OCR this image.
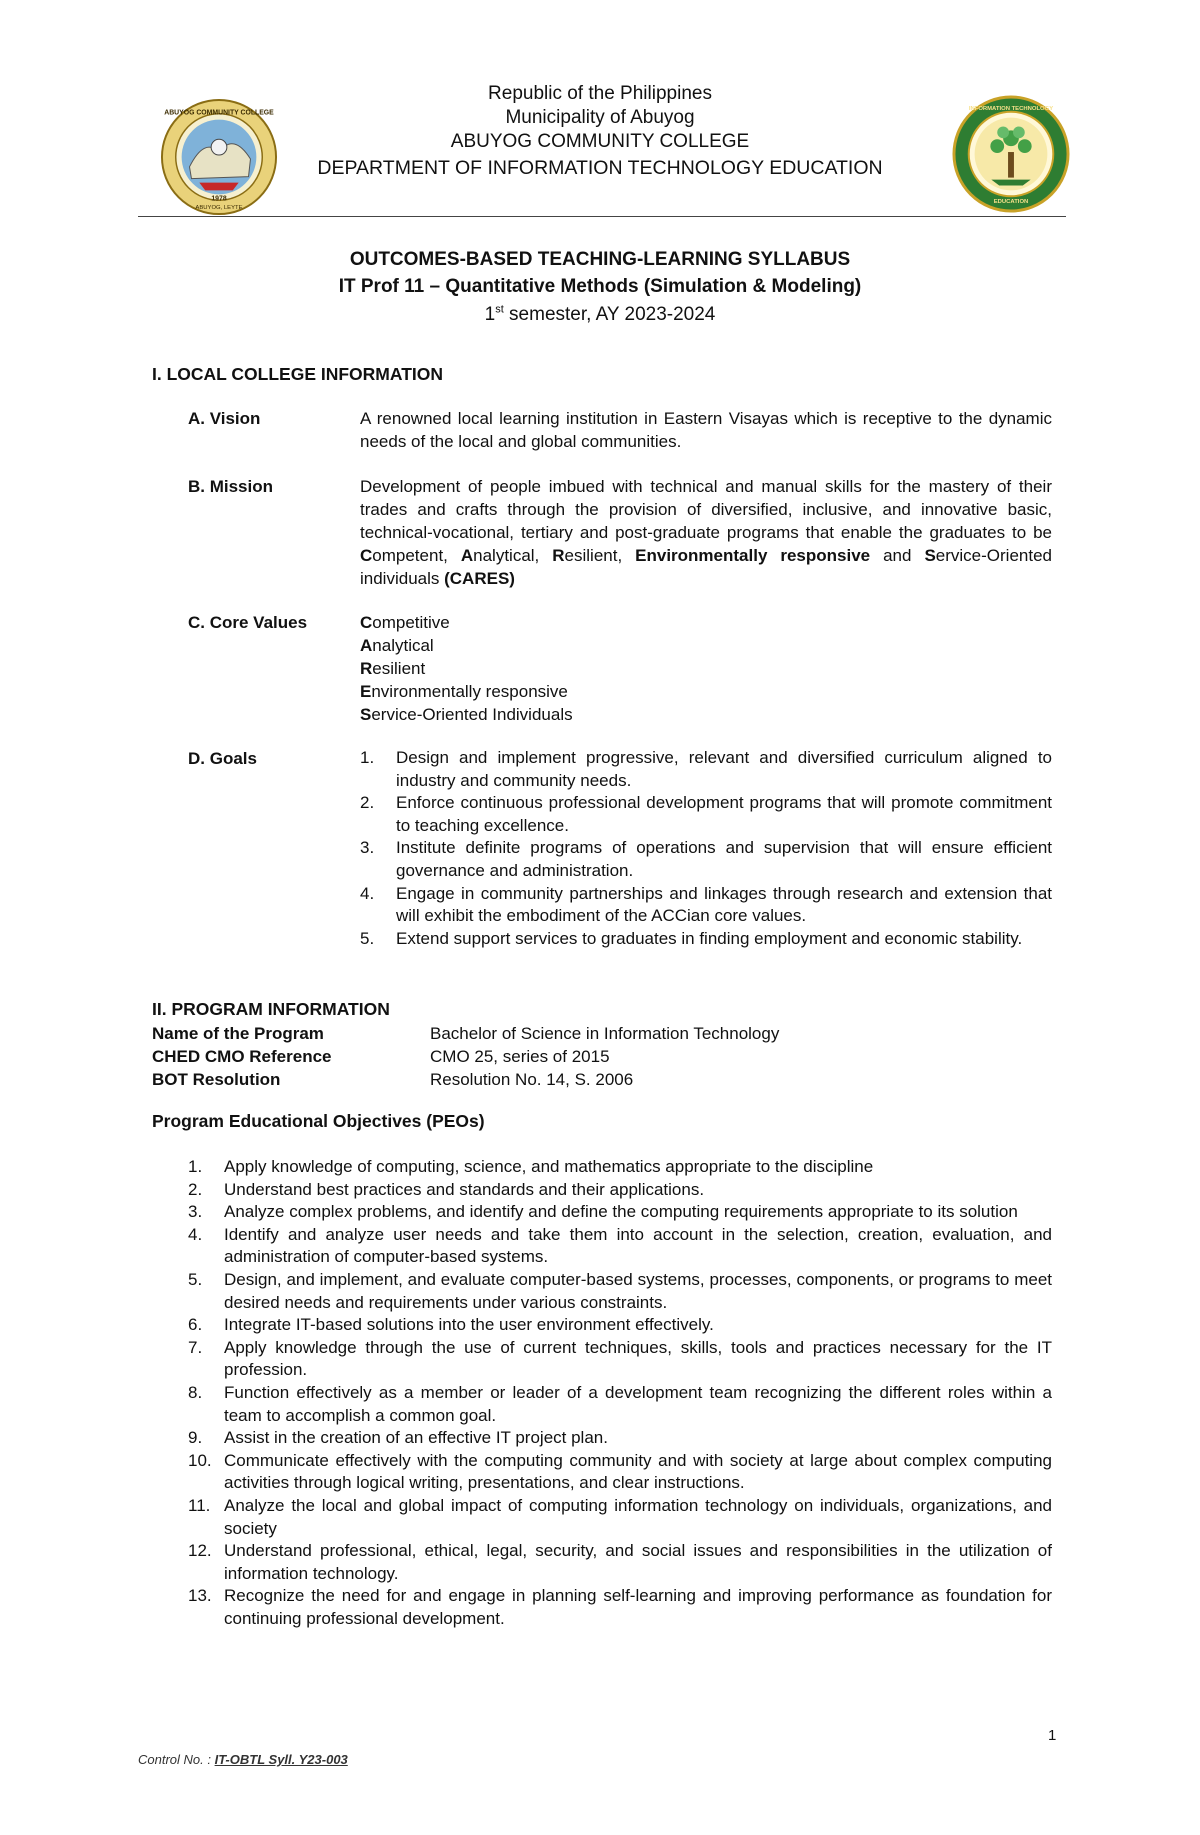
ABUYOG COMMUNITY COLLEGE
1978
ABUYOG, LEYTE
INFORMATION TECHNOLOGY
EDUCATION
Republic of the Philippines
Municipality of Abuyog
ABUYOG COMMUNITY COLLEGE
DEPARTMENT OF INFORMATION TECHNOLOGY EDUCATION
OUTCOMES-BASED TEACHING-LEARNING SYLLABUS
IT Prof 11 – Quantitative Methods (Simulation & Modeling)
1st semester, AY 2023-2024
I. LOCAL COLLEGE INFORMATION
A. Vision	A renowned local learning institution in Eastern Visayas which is receptive to the dynamic needs of the local and global communities.
B. Mission	Development of people imbued with technical and manual skills for the mastery of their trades and crafts through the provision of diversified, inclusive, and innovative basic, technical-vocational, tertiary and post-graduate programs that enable the graduates to be Competent, Analytical, Resilient, Environmentally responsive and Service-Oriented individuals (CARES)
C. Core Values	Competitive
Analytical
Resilient
Environmentally responsive
Service-Oriented Individuals
D. Goals	1.	Design and implement progressive, relevant and diversified curriculum aligned to industry and community needs.
2.	Enforce continuous professional development programs that will promote commitment to teaching excellence.
3.	Institute definite programs of operations and supervision that will ensure efficient governance and administration.
4.	Engage in community partnerships and linkages through research and extension that will exhibit the embodiment of the ACCian core values.
5.	Extend support services to graduates in finding employment and economic stability.
II. PROGRAM INFORMATION
Name of the Program	Bachelor of Science in Information Technology
CHED CMO Reference	CMO 25, series of 2015
BOT Resolution	Resolution No. 14, S. 2006
Program Educational Objectives (PEOs)
1.	Apply knowledge of computing, science, and mathematics appropriate to the discipline
2.	Understand best practices and standards and their applications.
3.	Analyze complex problems, and identify and define the computing requirements appropriate to its solution
4.	Identify and analyze user needs and take them into account in the selection, creation, evaluation, and administration of computer-based systems.
5.	Design, and implement, and evaluate computer-based systems, processes, components, or programs to meet desired needs and requirements under various constraints.
6.	Integrate IT-based solutions into the user environment effectively.
7.	Apply knowledge through the use of current techniques, skills, tools and practices necessary for the IT profession.
8.	Function effectively as a member or leader of a development team recognizing the different roles within a team to accomplish a common goal.
9.	Assist in the creation of an effective IT project plan.
10. Communicate effectively with the computing community and with society at large about complex computing activities through logical writing, presentations, and clear instructions.
11. Analyze the local and global impact of computing information technology on individuals, organizations, and society
12. Understand professional, ethical, legal, security, and social issues and responsibilities in the utilization of information technology.
13. Recognize the need for and engage in planning self-learning and improving performance as foundation for continuing professional development.
1
Control No. : IT-OBTL Syll. Y23-003
